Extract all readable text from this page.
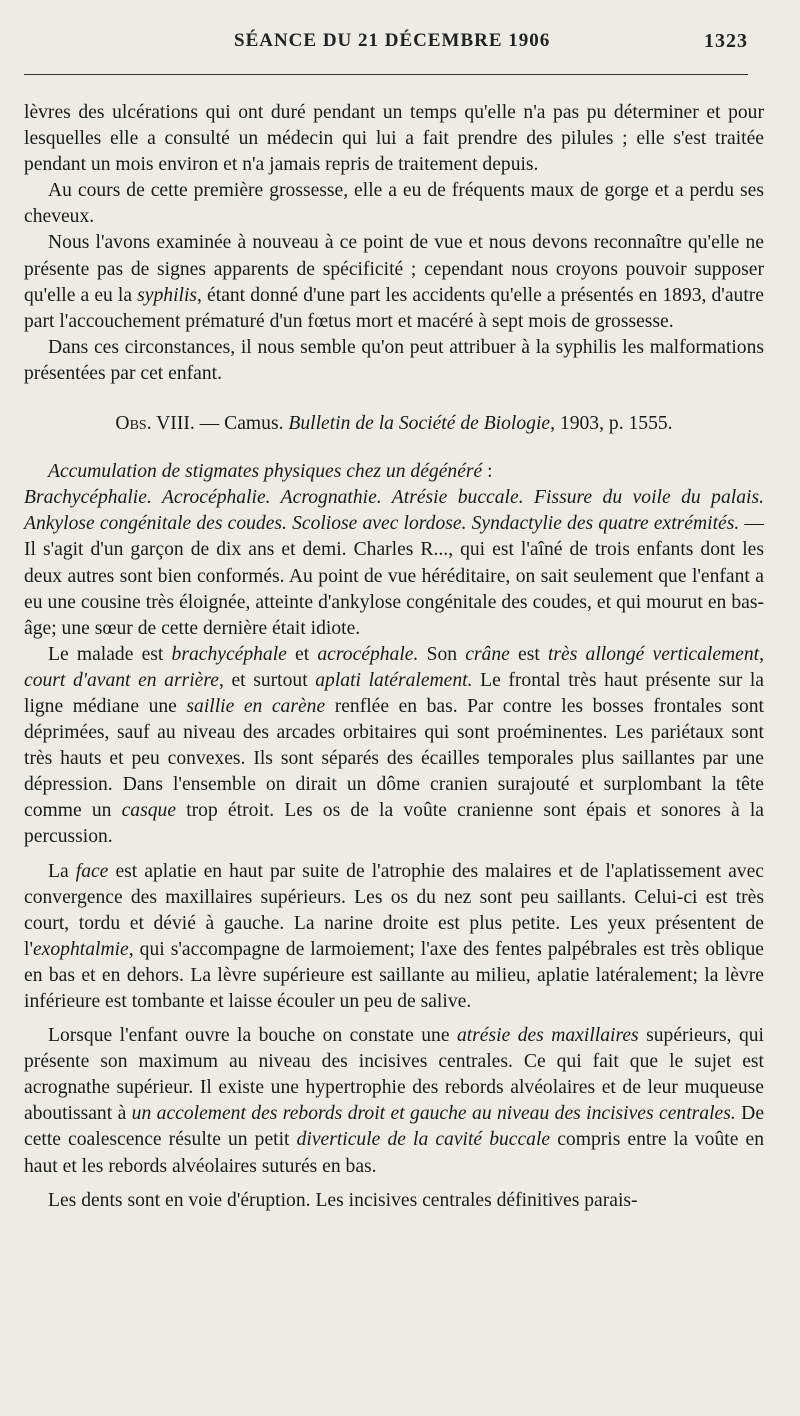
SÉANCE DU 21 DÉCEMBRE 1906	1323

lèvres des ulcérations qui ont duré pendant un temps qu'elle n'a pas pu déterminer et pour lesquelles elle a consulté un médecin qui lui a fait prendre des pilules ; elle s'est traitée pendant un mois environ et n'a jamais repris de traitement depuis.

Au cours de cette première grossesse, elle a eu de fréquents maux de gorge et a perdu ses cheveux.

Nous l'avons examinée à nouveau à ce point de vue et nous devons reconnaître qu'elle ne présente pas de signes apparents de spécificité ; cependant nous croyons pouvoir supposer qu'elle a eu la syphilis, étant donné d'une part les accidents qu'elle a présentés en 1893, d'autre part l'accouchement prématuré d'un fœtus mort et macéré à sept mois de grossesse.

Dans ces circonstances, il nous semble qu'on peut attribuer à la syphilis les malformations présentées par cet enfant.

Obs. VIII. — Camus. Bulletin de la Société de Biologie, 1903, p. 1555.

Accumulation de stigmates physiques chez un dégénéré :
Brachycéphalie. Acrocéphalie. Acrognathie. Atrésie buccale. Fissure du voile du palais. Ankylose congénitale des coudes. Scoliose avec lordose. Syndactylie des quatre extrémités. — Il s'agit d'un garçon de dix ans et demi. Charles R..., qui est l'aîné de trois enfants dont les deux autres sont bien conformés. Au point de vue héréditaire, on sait seulement que l'enfant a eu une cousine très éloignée, atteinte d'ankylose congénitale des coudes, et qui mourut en bas-âge; une sœur de cette dernière était idiote.

Le malade est brachycéphale et acrocéphale. Son crâne est très allongé verticalement, court d'avant en arrière, et surtout aplati latéralement. Le frontal très haut présente sur la ligne médiane une saillie en carène renflée en bas. Par contre les bosses frontales sont déprimées, sauf au niveau des arcades orbitaires qui sont proéminentes. Les pariétaux sont très hauts et peu convexes. Ils sont séparés des écailles temporales plus saillantes par une dépression. Dans l'ensemble on dirait un dôme cranien surajouté et surplombant la tête comme un casque trop étroit. Les os de la voûte cranienne sont épais et sonores à la percussion.

La face est aplatie en haut par suite de l'atrophie des malaires et de l'aplatissement avec convergence des maxillaires supérieurs. Les os du nez sont peu saillants. Celui-ci est très court, tordu et dévié à gauche. La narine droite est plus petite. Les yeux présentent de l'exophtalmie, qui s'accompagne de larmoiement; l'axe des fentes palpébrales est très oblique en bas et en dehors. La lèvre supérieure est saillante au milieu, aplatie latéralement; la lèvre inférieure est tombante et laisse écouler un peu de salive.

Lorsque l'enfant ouvre la bouche on constate une atrésie des maxillaires supérieurs, qui présente son maximum au niveau des incisives centrales. Ce qui fait que le sujet est acrognathe supérieur. Il existe une hypertrophie des rebords alvéolaires et de leur muqueuse aboutissant à un accolement des rebords droit et gauche au niveau des incisives centrales. De cette coalescence résulte un petit diverticule de la cavité buccale compris entre la voûte en haut et les rebords alvéolaires suturés en bas.

Les dents sont en voie d'éruption. Les incisives centrales définitives parais-
